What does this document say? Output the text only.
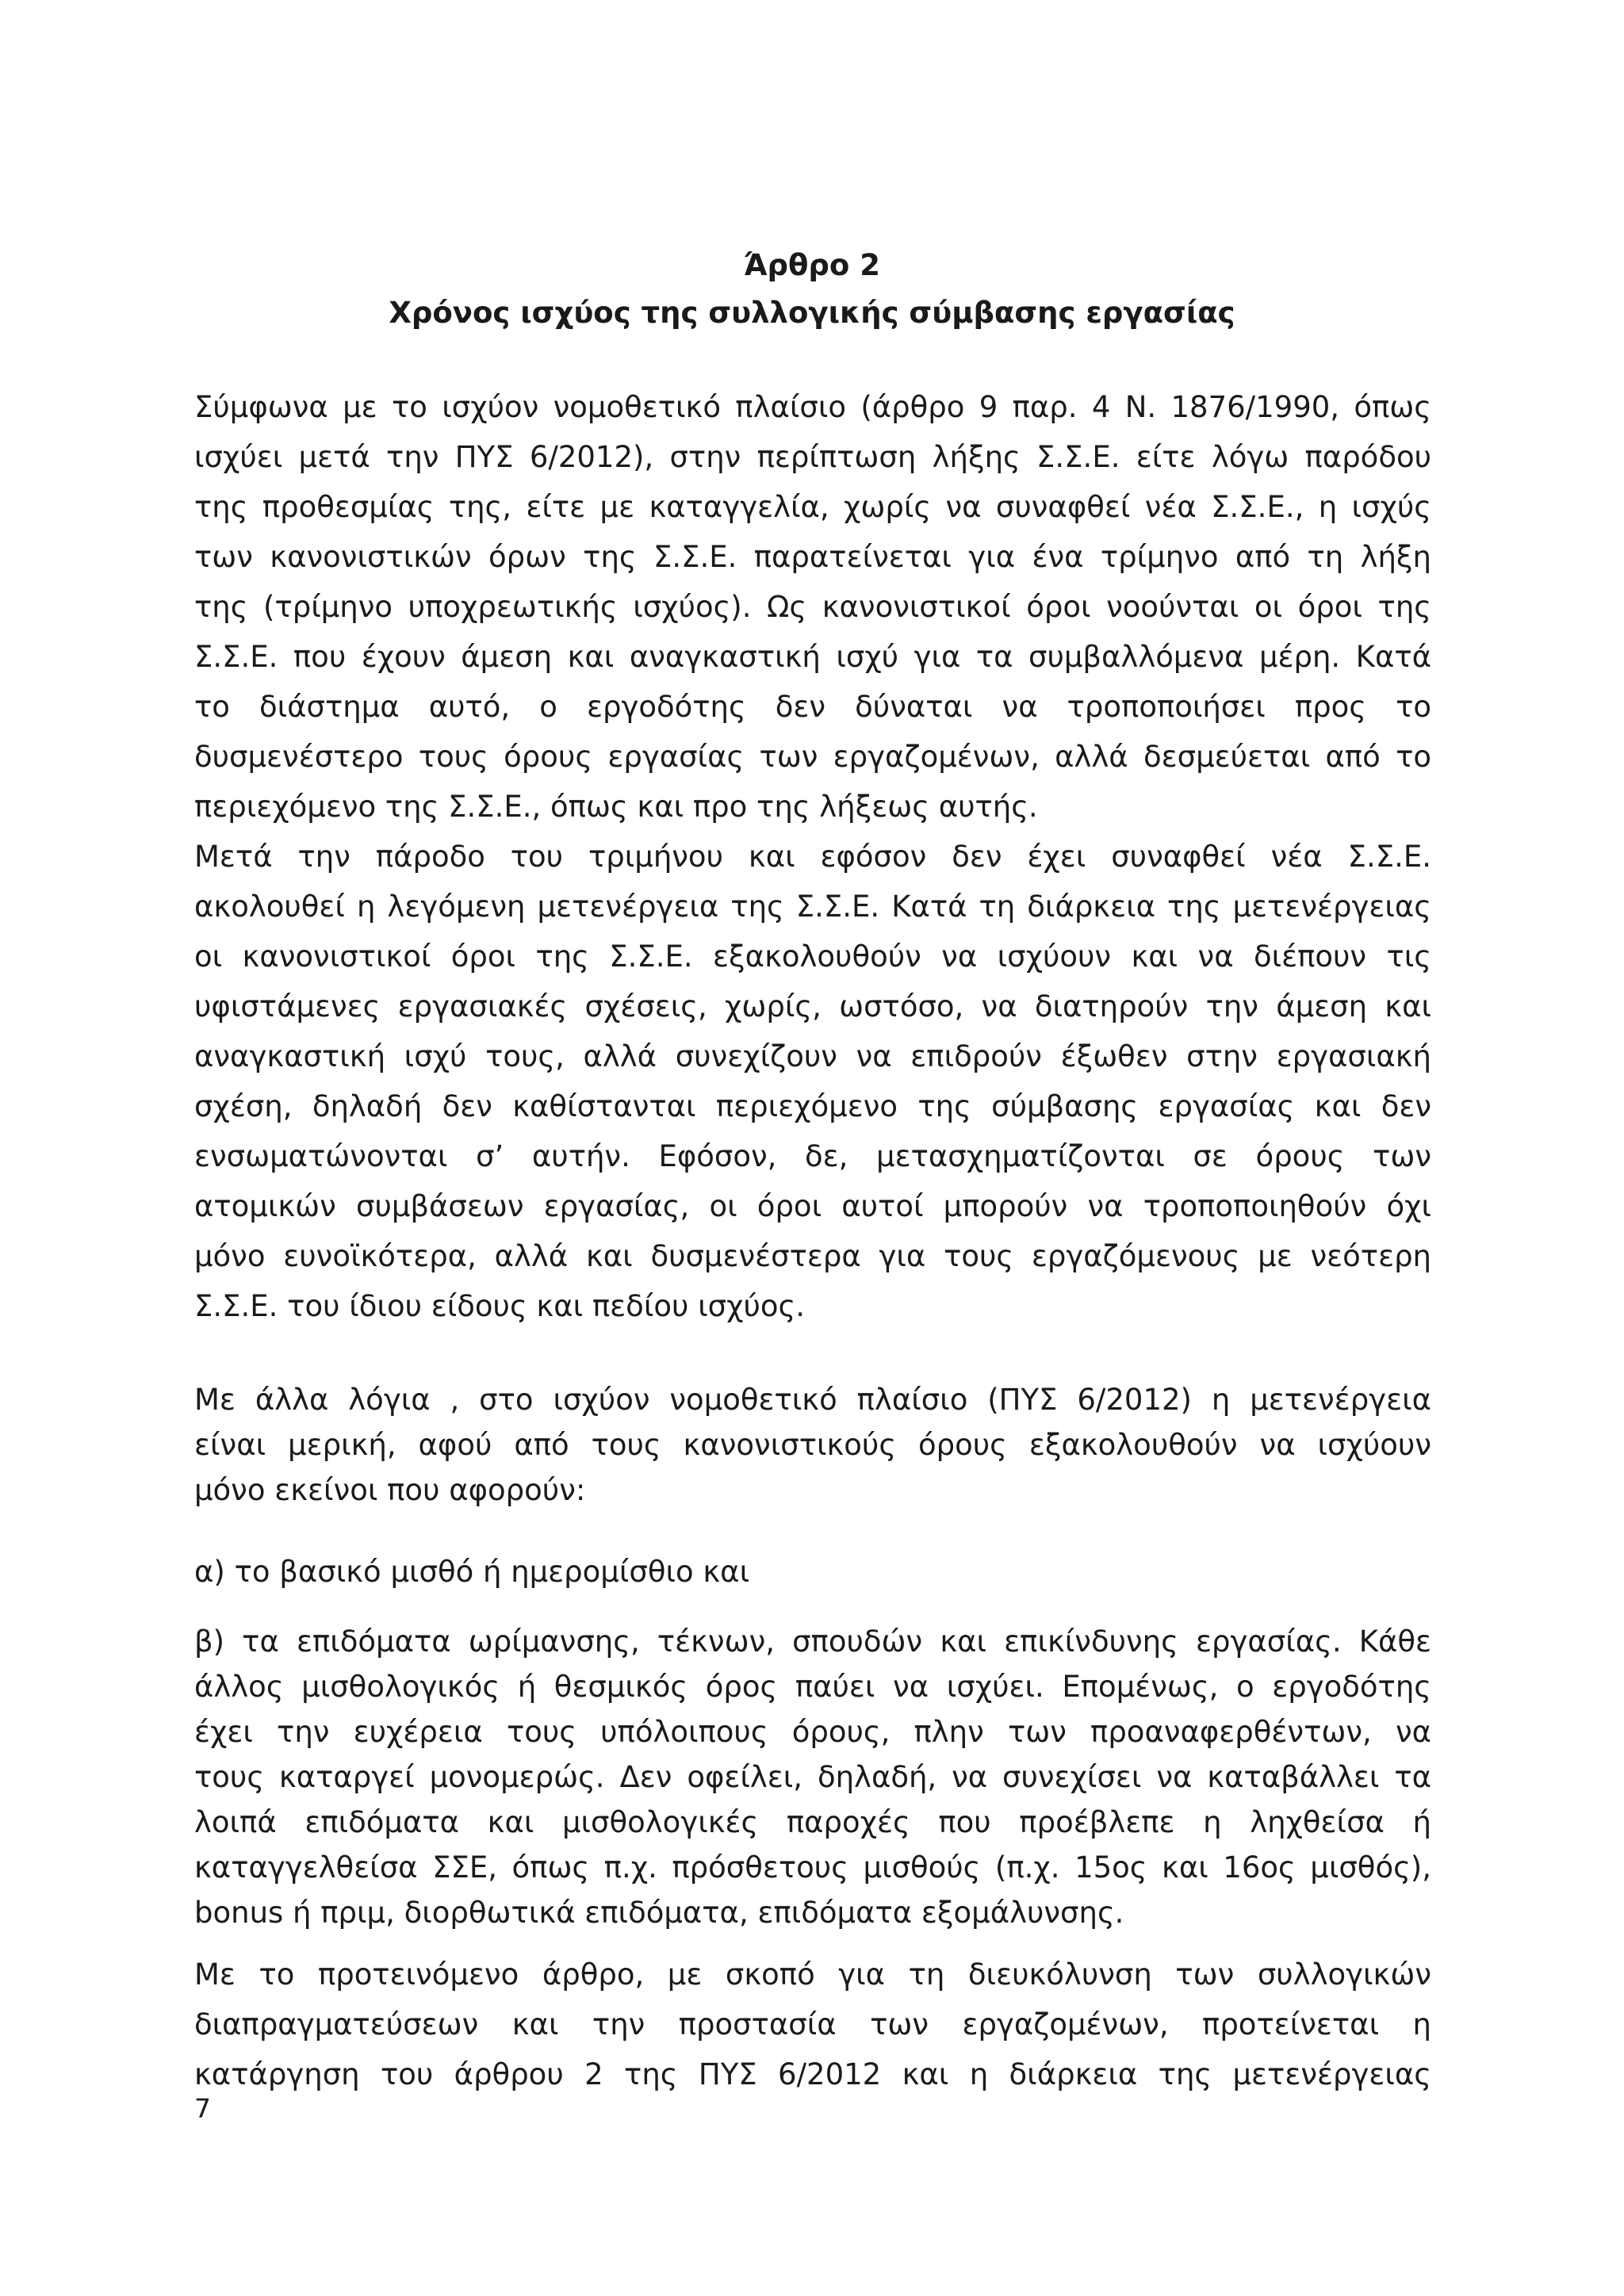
Άρθρο 2
Χρόνος ισχύος της συλλογικής σύμβασης εργασίας
Σύμφωνα με το ισχύον νομοθετικό πλαίσιο (άρθρο 9 παρ. 4 Ν. 1876/1990, όπως
ισχύει μετά την ΠΥΣ 6/2012), στην περίπτωση λήξης Σ.Σ.Ε. είτε λόγω παρόδου
της προθεσμίας της, είτε με καταγγελία, χωρίς να συναφθεί νέα Σ.Σ.Ε., η ισχύς
των κανονιστικών όρων της Σ.Σ.Ε. παρατείνεται για ένα τρίμηνο από τη λήξη
της (τρίμηνο υποχρεωτικής ισχύος). Ως κανονιστικοί όροι νοούνται οι όροι της
Σ.Σ.Ε. που έχουν άμεση και αναγκαστική ισχύ για τα συμβαλλόμενα μέρη. Κατά
το διάστημα αυτό, ο εργοδότης δεν δύναται να τροποποιήσει προς το
δυσμενέστερο τους όρους εργασίας των εργαζομένων, αλλά δεσμεύεται από το
περιεχόμενο της Σ.Σ.Ε., όπως και προ της λήξεως αυτής.
Μετά την πάροδο του τριμήνου και εφόσον δεν έχει συναφθεί νέα Σ.Σ.Ε.
ακολουθεί η λεγόμενη μετενέργεια της Σ.Σ.Ε. Κατά τη διάρκεια της μετενέργειας
οι κανονιστικοί όροι της Σ.Σ.Ε. εξακολουθούν να ισχύουν και να διέπουν τις
υφιστάμενες εργασιακές σχέσεις, χωρίς, ωστόσο, να διατηρούν την άμεση και
αναγκαστική ισχύ τους, αλλά συνεχίζουν να επιδρούν έξωθεν στην εργασιακή
σχέση, δηλαδή δεν καθίστανται περιεχόμενο της σύμβασης εργασίας και δεν
ενσωματώνονται σ’ αυτήν. Εφόσον, δε, μετασχηματίζονται σε όρους των
ατομικών συμβάσεων εργασίας, οι όροι αυτοί μπορούν να τροποποιηθούν όχι
μόνο ευνοϊκότερα, αλλά και δυσμενέστερα για τους εργαζόμενους με νεότερη
Σ.Σ.Ε. του ίδιου είδους και πεδίου ισχύος.
Με άλλα λόγια , στο ισχύον νομοθετικό πλαίσιο (ΠΥΣ 6/2012) η μετενέργεια
είναι μερική, αφού από τους κανονιστικούς όρους εξακολουθούν να ισχύουν
μόνο εκείνοι που αφορούν:
α) το βασικό μισθό ή ημερομίσθιο και
β) τα επιδόματα ωρίμανσης, τέκνων, σπουδών και επικίνδυνης εργασίας. Κάθε
άλλος μισθολογικός ή θεσμικός όρος παύει να ισχύει. Επομένως, ο εργοδότης
έχει την ευχέρεια τους υπόλοιπους όρους, πλην των προαναφερθέντων, να
τους καταργεί μονομερώς. Δεν οφείλει, δηλαδή, να συνεχίσει να καταβάλλει τα
λοιπά επιδόματα και μισθολογικές παροχές που προέβλεπε η ληχθείσα ή
καταγγελθείσα ΣΣΕ, όπως π.χ. πρόσθετους μισθούς (π.χ. 15ος και 16ος μισθός),
bonus ή πριμ, διορθωτικά επιδόματα, επιδόματα εξομάλυνσης.
Με το προτεινόμενο άρθρο, με σκοπό για τη διευκόλυνση των συλλογικών
διαπραγματεύσεων και την προστασία των εργαζομένων, προτείνεται η
κατάργηση του άρθρου 2 της ΠΥΣ 6/2012 και η διάρκεια της μετενέργειας
7
